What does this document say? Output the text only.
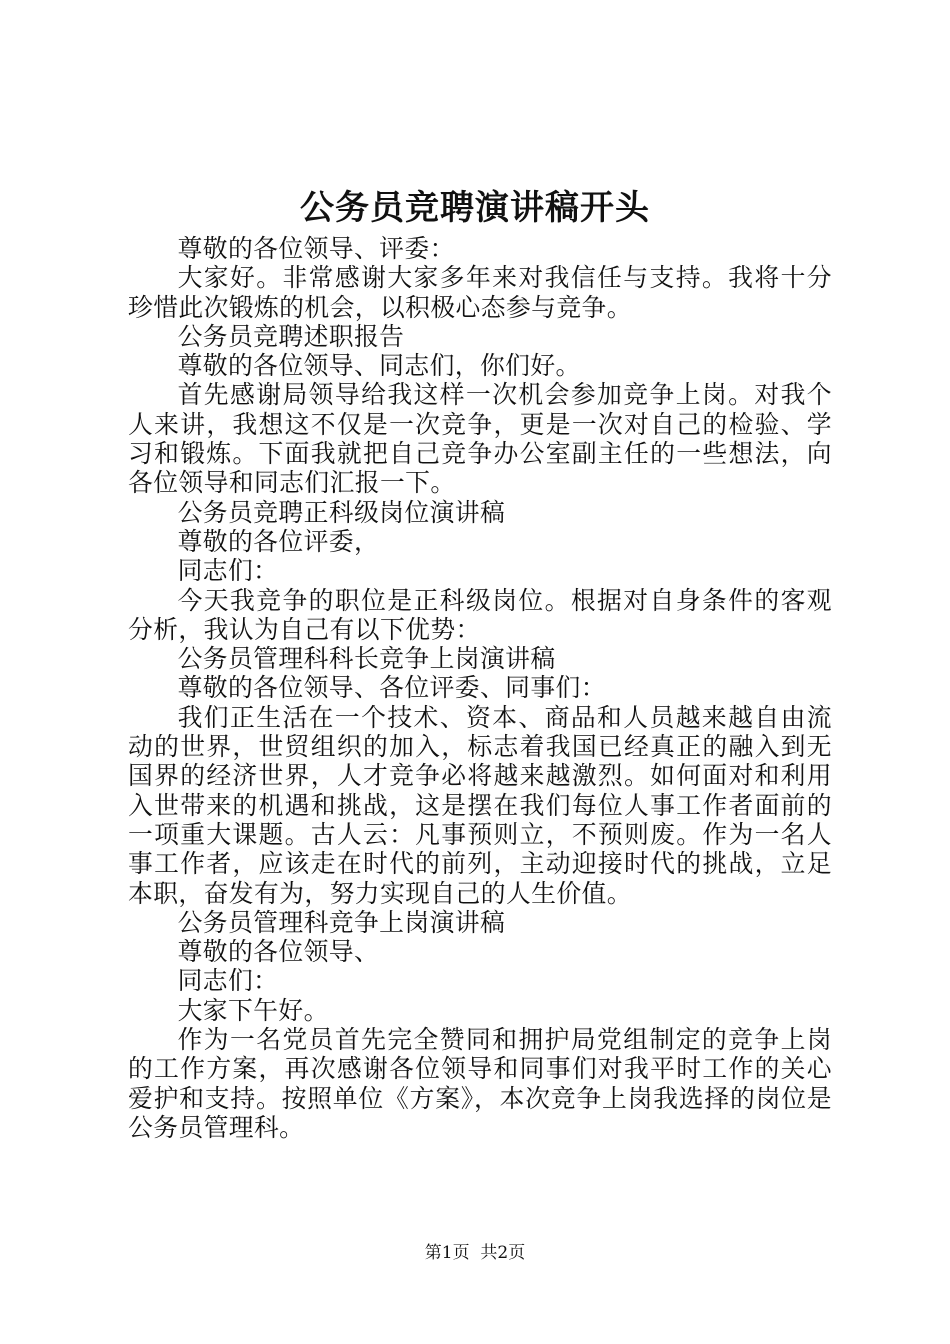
公务员竞聘演讲稿开头

尊敬的各位领导、评委：

大家好。非常感谢大家多年来对我信任与支持。我将十分珍惜此次锻炼的机会，以积极心态参与竞争。

公务员竞聘述职报告

尊敬的各位领导、同志们，你们好。

首先感谢局领导给我这样一次机会参加竞争上岗。对我个人来讲，我想这不仅是一次竞争，更是一次对自己的检验、学习和锻炼。下面我就把自己竞争办公室副主任的一些想法，向各位领导和同志们汇报一下。

公务员竞聘正科级岗位演讲稿

尊敬的各位评委，

同志们：

今天我竞争的职位是正科级岗位。根据对自身条件的客观分析，我认为自己有以下优势：

公务员管理科科长竞争上岗演讲稿

尊敬的各位领导、各位评委、同事们：

我们正生活在一个技术、资本、商品和人员越来越自由流动的世界，世贸组织的加入，标志着我国已经真正的融入到无国界的经济世界，人才竞争必将越来越激烈。如何面对和利用入世带来的机遇和挑战，这是摆在我们每位人事工作者面前的一项重大课题。古人云：凡事预则立，不预则废。作为一名人事工作者，应该走在时代的前列，主动迎接时代的挑战，立足本职，奋发有为，努力实现自己的人生价值。

公务员管理科竞争上岗演讲稿

尊敬的各位领导、

同志们：

大家下午好。

作为一名党员首先完全赞同和拥护局党组制定的竞争上岗的工作方案，再次感谢各位领导和同事们对我平时工作的关心爱护和支持。按照单位《方案》，本次竞争上岗我选择的岗位是公务员管理科。

第1页 共2页
